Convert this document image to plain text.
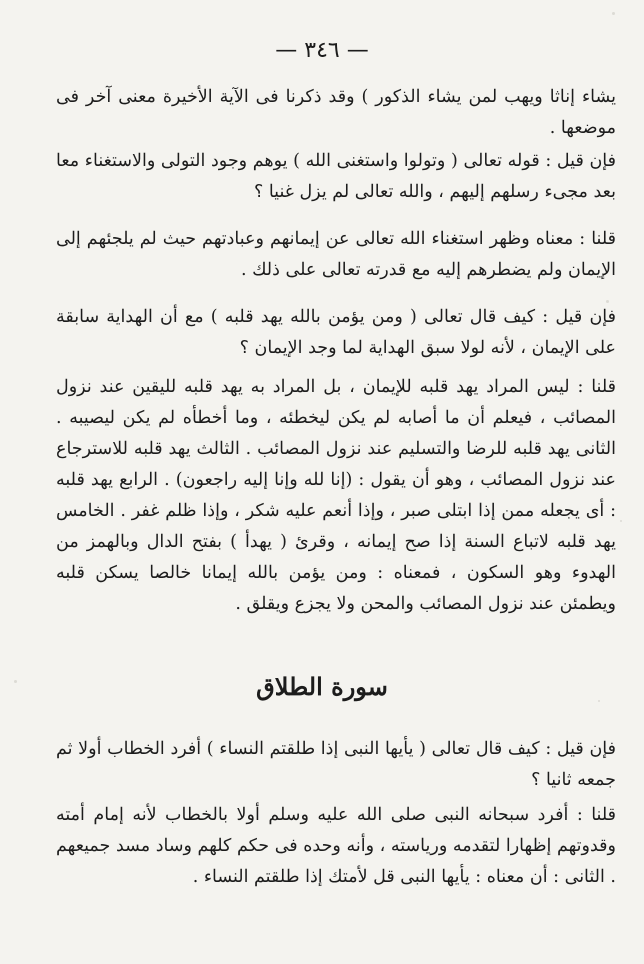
— ٣٤٦ —

يشاء إناثا ويهب لمن يشاء الذكور ) وقد ذكرنا فى الآية الأخيرة معنى آخر فى موضعها .

فإن قيل : قوله تعالى ( وتولوا واستغنى الله ) يوهم وجود التولى والاستغناء معا بعد مجىء رسلهم إليهم ، والله تعالى لم يزل غنيا ؟

قلنا : معناه وظهر استغناء الله تعالى عن إيمانهم وعبادتهم حيث لم يلجئهم إلى الإيمان ولم يضطرهم إليه مع قدرته تعالى على ذلك .

فإن قيل : كيف قال تعالى ( ومن يؤمن بالله يهد قلبه ) مع أن الهداية سابقة على الإيمان ، لأنه لولا سبق الهداية لما وجد الإيمان ؟

قلنا : ليس المراد يهد قلبه للإيمان ، بل المراد به يهد قلبه لليقين عند نزول المصائب ، فيعلم أن ما أصابه لم يكن ليخطئه ، وما أخطأه لم يكن ليصيبه . الثانى يهد قلبه للرضا والتسليم عند نزول المصائب . الثالث يهد قلبه للاسترجاع عند نزول المصائب ، وهو أن يقول : (إنا لله وإنا إليه راجعون) . الرابع يهد قلبه : أى يجعله ممن إذا ابتلى صبر ، وإذا أنعم عليه شكر ، وإذا ظلم غفر . الخامس يهد قلبه لاتباع السنة إذا صح إيمانه ، وقرئ ( يهدأ ) بفتح الدال وبالهمز من الهدوء وهو السكون ، فمعناه : ومن يؤمن بالله إيمانا خالصا يسكن قلبه ويطمئن عند نزول المصائب والمحن ولا يجزع ويقلق .

سورة الطلاق

فإن قيل : كيف قال تعالى ( يأيها النبى إذا طلقتم النساء ) أفرد الخطاب أولا ثم جمعه ثانيا ؟

قلنا : أفرد سبحانه النبى صلى الله عليه وسلم أولا بالخطاب لأنه إمام أمته وقدوتهم إظهارا لتقدمه ورياسته ، وأنه وحده فى حكم كلهم وساد مسد جميعهم . الثانى : أن معناه : يأيها النبى قل لأمتك إذا طلقتم النساء .
